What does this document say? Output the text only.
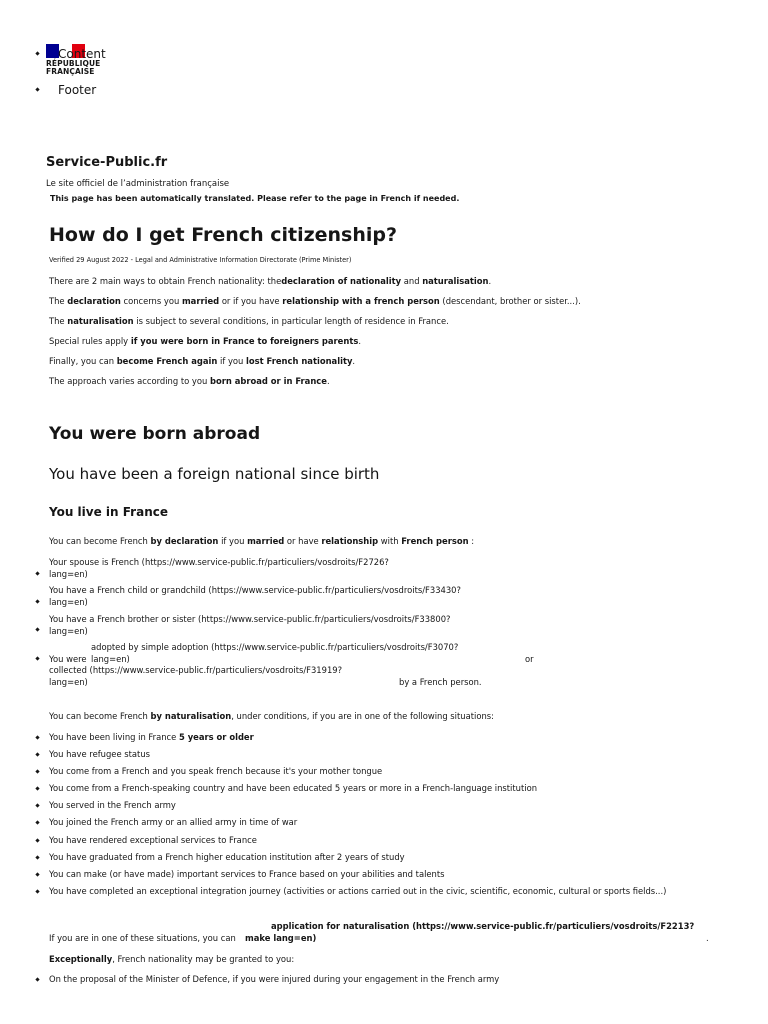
RÉPUBLIQUE
FRANÇAISE
Content
Footer
Service-Public.fr
Le site officiel de l’administration française
This page has been automatically translated. Please refer to the page in French if needed.
How do I get French citizenship?
Verified 29 August 2022 - Legal and Administrative Information Directorate (Prime Minister)
There are 2 main ways to obtain French nationality: thedeclaration of nationality and naturalisation.
The declaration concerns you married or if you have relationship with a french person (descendant, brother or sister...).
The naturalisation is subject to several conditions, in particular length of residence in France.
Special rules apply if you were born in France to foreigners parents.
Finally, you can become French again if you lost French nationality.
The approach varies according to you born abroad or in France.
You were born abroad
You have been a foreign national since birth
You live in France
You can become French by declaration if you married or have relationship with French person :
Your spouse is French (https://www.service-public.fr/particuliers/vosdroits/F2726?
lang=en)
You have a French child or grandchild (https://www.service-public.fr/particuliers/vosdroits/F33430?
lang=en)
You have a French brother or sister (https://www.service-public.fr/particuliers/vosdroits/F33800?
lang=en)
adopted by simple adoption (https://www.service-public.fr/particuliers/vosdroits/F3070?
You were lang=en)	or
collected (https://www.service-public.fr/particuliers/vosdroits/F31919?
lang=en)	by a French person.
You can become French by naturalisation, under conditions, if you are in one of the following situations:
You have been living in France 5 years or older
You have refugee status
You come from a French and you speak french because it's your mother tongue
You come from a French-speaking country and have been educated 5 years or more in a French-language institution
You served in the French army
You joined the French army or an allied army in time of war
You have rendered exceptional services to France
You have graduated from a French higher education institution after 2 years of study
You can make (or have made) important services to France based on your abilities and talents
You have completed an exceptional integration journey (activities or actions carried out in the civic, scientific, economic, cultural or sports fields...)
application for naturalisation (https://www.service-public.fr/particuliers/vosdroits/F2213?
If you are in one of these situations, you can make lang=en)	.
Exceptionally, French nationality may be granted to you:
On the proposal of the Minister of Defence, if you were injured during your engagement in the French army
